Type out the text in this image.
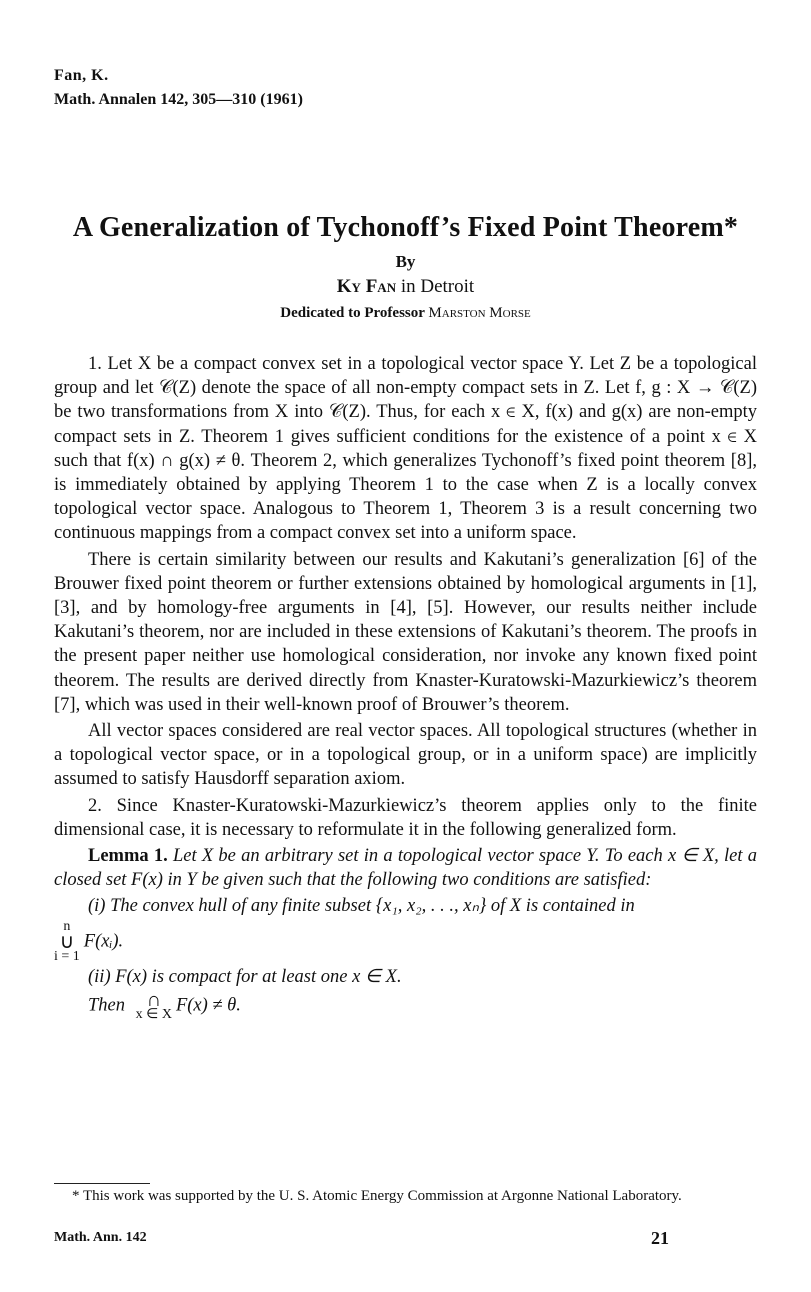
Fan, K.
Math. Annalen 142, 305—310 (1961)
A Generalization of Tychonoff’s Fixed Point Theorem*
By
Ky Fan in Detroit
Dedicated to Professor Marston Morse

1. Let X be a compact convex set in a topological vector space Y. Let Z be a topological group and let 𝒞(Z) denote the space of all non-empty compact sets in Z. Let f, g : X → 𝒞(Z) be two transformations from X into 𝒞(Z). Thus, for each x ∈ X, f(x) and g(x) are non-empty compact sets in Z. Theorem 1 gives sufficient conditions for the existence of a point x ∈ X such that f(x) ∩ g(x) ≠ θ. Theorem 2, which generalizes Tychonoff’s fixed point theorem [8], is immediately obtained by applying Theorem 1 to the case when Z is a locally convex topological vector space. Analogous to Theorem 1, Theorem 3 is a result concerning two continuous mappings from a compact convex set into a uniform space.

There is certain similarity between our results and Kakutani’s generalization [6] of the Brouwer fixed point theorem or further extensions obtained by homological arguments in [1], [3], and by homology-free arguments in [4], [5]. However, our results neither include Kakutani’s theorem, nor are included in these extensions of Kakutani’s theorem. The proofs in the present paper neither use homological consideration, nor invoke any known fixed point theorem. The results are derived directly from Knaster-Kuratowski-Mazurkiewicz’s theorem [7], which was used in their well-known proof of Brouwer’s theorem.

All vector spaces considered are real vector spaces. All topological structures (whether in a topological vector space, or in a topological group, or in a uniform space) are implicitly assumed to satisfy Hausdorff separation axiom.

2. Since Knaster-Kuratowski-Mazurkiewicz’s theorem applies only to the finite dimensional case, it is necessary to reformulate it in the following generalized form.

Lemma 1. Let X be an arbitrary set in a topological vector space Y. To each x ∈ X, let a closed set F(x) in Y be given such that the following two conditions are satisfied:

(i) The convex hull of any finite subset {x₁, x₂, . . ., xₙ} of X is contained in

n
∪
i = 1F(xᵢ).

(ii) F(x) is compact for at least one x ∈ X.

Then	∩
x ∈ X F(x) ≠ θ.
* This work was supported by the U. S. Atomic Energy Commission at Argonne National Laboratory.
Math. Ann. 142	21
